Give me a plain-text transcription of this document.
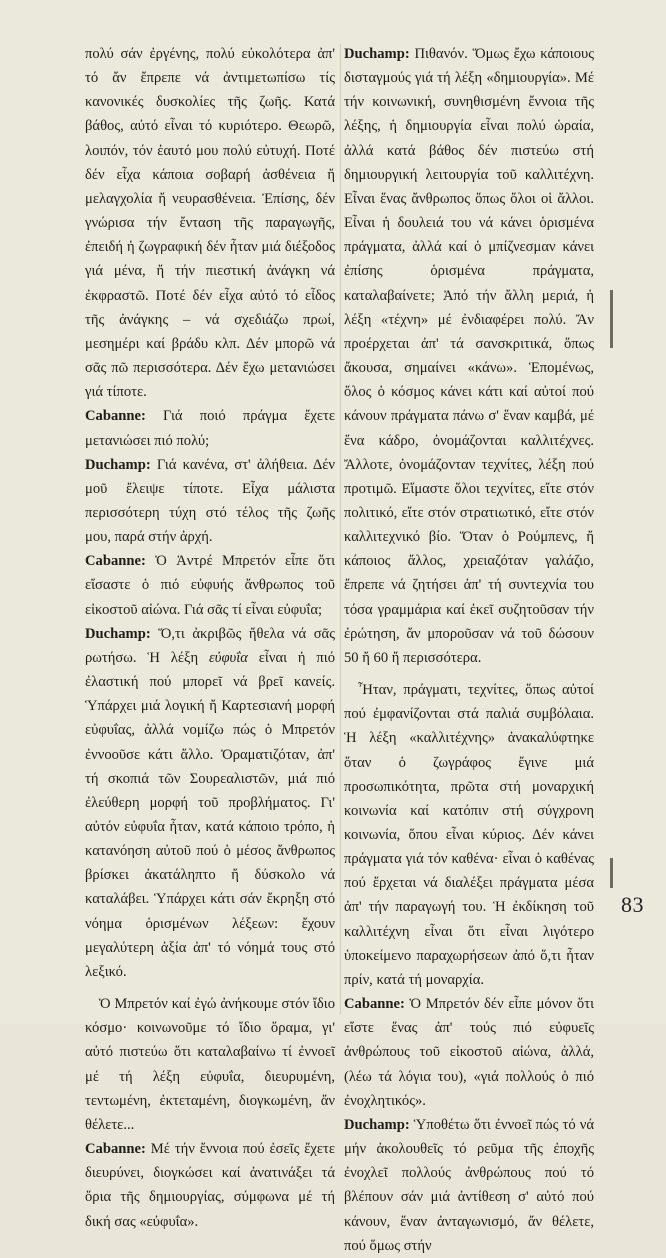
πολύ σάν ἐργένης, πολύ εὐκολότερα ἀπ' τό ἄν ἔπρεπε νά ἀντιμετωπίσω τίς κανονικές δυσκολίες τῆς ζωῆς. Κατά βάθος, αὐτό εἶναι τό κυριότερο. Θεωρῶ, λοιπόν, τόν ἑαυτό μου πολύ εὐτυχή. Ποτέ δέν εἶχα κάποια σοβαρή ἀσθένεια ἤ μελαγχολία ἤ νευρασθένεια. Ἐπίσης, δέν γνώρισα τήν ἔνταση τῆς παραγωγῆς, ἐπειδή ἡ ζωγραφική δέν ἦταν μιά διέξοδος γιά μένα, ἤ τήν πιεστική ἀνάγκη νά ἐκφραστῶ. Ποτέ δέν εἶχα αὐτό τό εἶδος τῆς ἀνάγκης – νά σχεδιάζω πρωί, μεσημέρι καί βράδυ κλπ. Δέν μπορῶ νά σᾶς πῶ περισσότερα. Δέν ἔχω μετανιώσει γιά τίποτε.

Cabanne: Γιά ποιό πράγμα ἔχετε μετανιώσει πιό πολύ;

Duchamp: Γιά κανένα, στ' ἀλήθεια. Δέν μοῦ ἔλειψε τίποτε. Εἶχα μάλιστα περισσότερη τύχη στό τέλος τῆς ζωῆς μου, παρά στήν ἀρχή.

Cabanne: Ὁ Ἀντρέ Μπρετόν εἶπε ὅτι εἴσαστε ὁ πιό εὐφυής ἄνθρωπος τοῦ εἰκοστοῦ αἰώνα. Γιά σᾶς τί εἶναι εὐφυΐα;

Duchamp: Ὅ,τι ἀκριβῶς ἤθελα νά σᾶς ρωτήσω. Ἡ λέξη εὐφυΐα εἶναι ἡ πιό ἐλαστική πού μπορεῖ νά βρεῖ κανείς. Ὑπάρχει μιά λογική ἤ Καρτεσιανή μορφή εὐφυΐας, ἀλλά νομίζω πώς ὁ Μπρετόν ἐννοοῦσε κάτι ἄλλο. Ὁραματιζόταν, ἀπ' τή σκοπιά τῶν Σουρεαλιστῶν, μιά πιό ἐλεύθερη μορφή τοῦ προβλήματος. Γι' αὐτόν εὐφυΐα ἦταν, κατά κάποιο τρόπο, ἡ κατανόηση αὐτοῦ πού ὁ μέσος ἄνθρωπος βρίσκει ἀκατάληπτο ἤ δύσκολο νά καταλάβει. Ὑπάρχει κάτι σάν ἔκρηξη στό νόημα ὁρισμένων λέξεων: ἔχουν μεγαλύτερη ἀξία ἀπ' τό νόημά τους στό λεξικό.

Ὁ Μπρετόν καί ἐγώ ἀνήκουμε στόν ἴδιο κόσμο· κοινωνοῦμε τό ἴδιο ὅραμα, γι' αὐτό πιστεύω ὅτι καταλαβαίνω τί ἐννοεῖ μέ τή λέξη εὐφυΐα, διευρυμένη, τεντωμένη, ἐκτεταμένη, διογκωμένη, ἄν θέλετε...

Cabanne: Μέ τήν ἔννοια πού ἐσεῖς ἔχετε διευρύνει, διογκώσει καί ἀνατινάξει τά ὅρια τῆς δημιουργίας, σύμφωνα μέ τή δική σας «εὐφυΐα».

Duchamp: Πιθανόν. Ὅμως ἔχω κάποιους δισταγμούς γιά τή λέξη «δημιουργία». Μέ τήν κοινωνική, συνηθισμένη ἔννοια τῆς λέξης, ἡ δημιουργία εἶναι πολύ ὡραία, ἀλλά κατά βάθος δέν πιστεύω στή δημιουργική λειτουργία τοῦ καλλιτέχνη. Εἶναι ἕνας ἄνθρωπος ὅπως ὅλοι οἱ ἄλλοι. Εἶναι ἡ δουλειά του νά κάνει ὁρισμένα πράγματα, ἀλλά καί ὁ μπίζνεσμαν κάνει ἐπίσης ὁρισμένα πράγματα, καταλαβαίνετε; Ἀπό τήν ἄλλη μεριά, ἡ λέξη «τέχνη» μέ ἐνδιαφέρει πολύ. Ἄν προέρχεται ἀπ' τά σανσκριτικά, ὅπως ἄκουσα, σημαίνει «κάνω». Ἑπομένως, ὅλος ὁ κόσμος κάνει κάτι καί αὐτοί πού κάνουν πράγματα πάνω σ' ἕναν καμβά, μέ ἕνα κάδρο, ὀνομάζονται καλλιτέχνες. Ἄλλοτε, ὀνομάζονταν τεχνίτες, λέξη πού προτιμῶ. Εἴμαστε ὅλοι τεχνίτες, εἴτε στόν πολιτικό, εἴτε στόν στρατιωτικό, εἴτε στόν καλλιτεχνικό βίο. Ὅταν ὁ Ρούμπενς, ἤ κάποιος ἄλλος, χρειαζόταν γαλάζιο, ἔπρεπε νά ζητήσει ἀπ' τή συντεχνία του τόσα γραμμάρια καί ἐκεῖ συζητοῦσαν τήν ἐρώτηση, ἄν μποροῦσαν νά τοῦ δώσουν 50 ἤ 60 ἤ περισσότερα.

Ἦταν, πράγματι, τεχνίτες, ὅπως αὐτοί πού ἐμφανίζονται στά παλιά συμβόλαια. Ἡ λέξη «καλλιτέχνης» ἀνακαλύφτηκε ὅταν ὁ ζωγράφος ἔγινε μιά προσωπικότητα, πρῶτα στή μοναρχική κοινωνία καί κατόπιν στή σύγχρονη κοινωνία, ὅπου εἶναι κύριος. Δέν κάνει πράγματα γιά τόν καθένα· εἶναι ὁ καθένας πού ἔρχεται νά διαλέξει πράγματα μέσα ἀπ' τήν παραγωγή του. Ἡ ἐκδίκηση τοῦ καλλιτέχνη εἶναι ὅτι εἶναι λιγότερο ὑποκείμενο παραχωρήσεων ἀπό ὅ,τι ἦταν πρίν, κατά τή μοναρχία.

Cabanne: Ὁ Μπρετόν δέν εἶπε μόνον ὅτι εἴστε ἕνας ἀπ' τούς πιό εὐφυεῖς ἀνθρώπους τοῦ εἰκοστοῦ αἰώνα, ἀλλά, (λέω τά λόγια του), «γιά πολλούς ὁ πιό ἐνοχλητικός».

Duchamp: Ὑποθέτω ὅτι ἐννοεῖ πώς τό νά μήν ἀκολουθεῖς τό ρεῦμα τῆς ἐποχῆς ἐνοχλεῖ πολλούς ἀνθρώπους πού τό βλέπουν σάν μιά ἀντίθεση σ' αὐτό πού κάνουν, ἕναν ἀνταγωνισμό, ἄν θέλετε, πού ὅμως στήν

83
